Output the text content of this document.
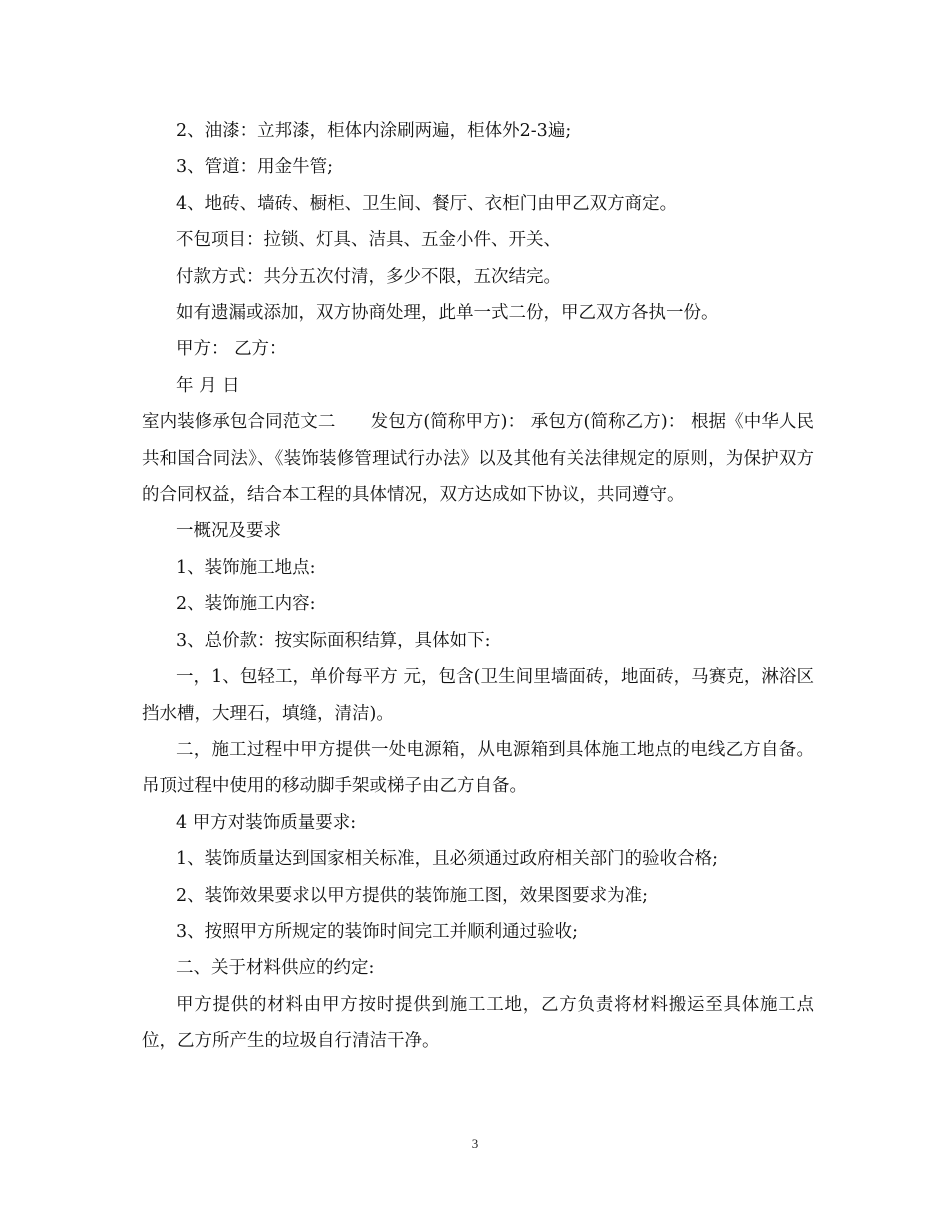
2、油漆：立邦漆，柜体内涂刷两遍，柜体外2-3遍;

3、管道：用金牛管;

4、地砖、墙砖、橱柜、卫生间、餐厅、衣柜门由甲乙双方商定。

不包项目：拉锁、灯具、洁具、五金小件、开关、

付款方式：共分五次付清，多少不限，五次结完。

如有遗漏或添加，双方协商处理，此单一式二份，甲乙双方各执一份。

甲方： 乙方：

年 月 日

室内装修承包合同范文二　　发包方(简称甲方)： 承包方(简称乙方)： 根据《中华人民共和国合同法》、《装饰装修管理试行办法》以及其他有关法律规定的原则，为保护双方的合同权益，结合本工程的具体情况，双方达成如下协议，共同遵守。

一概况及要求

1、装饰施工地点:

2、装饰施工内容:

3、总价款：按实际面积结算，具体如下:

一，1、包轻工，单价每平方 元，包含(卫生间里墙面砖，地面砖，马赛克，淋浴区挡水槽，大理石，填缝，清洁)。

二，施工过程中甲方提供一处电源箱，从电源箱到具体施工地点的电线乙方自备。吊顶过程中使用的移动脚手架或梯子由乙方自备。

4 甲方对装饰质量要求:

1、装饰质量达到国家相关标准，且必须通过政府相关部门的验收合格;

2、装饰效果要求以甲方提供的装饰施工图，效果图要求为准;

3、按照甲方所规定的装饰时间完工并顺利通过验收;

二、关于材料供应的约定:

甲方提供的材料由甲方按时提供到施工工地，乙方负责将材料搬运至具体施工点位，乙方所产生的垃圾自行清洁干净。

3
